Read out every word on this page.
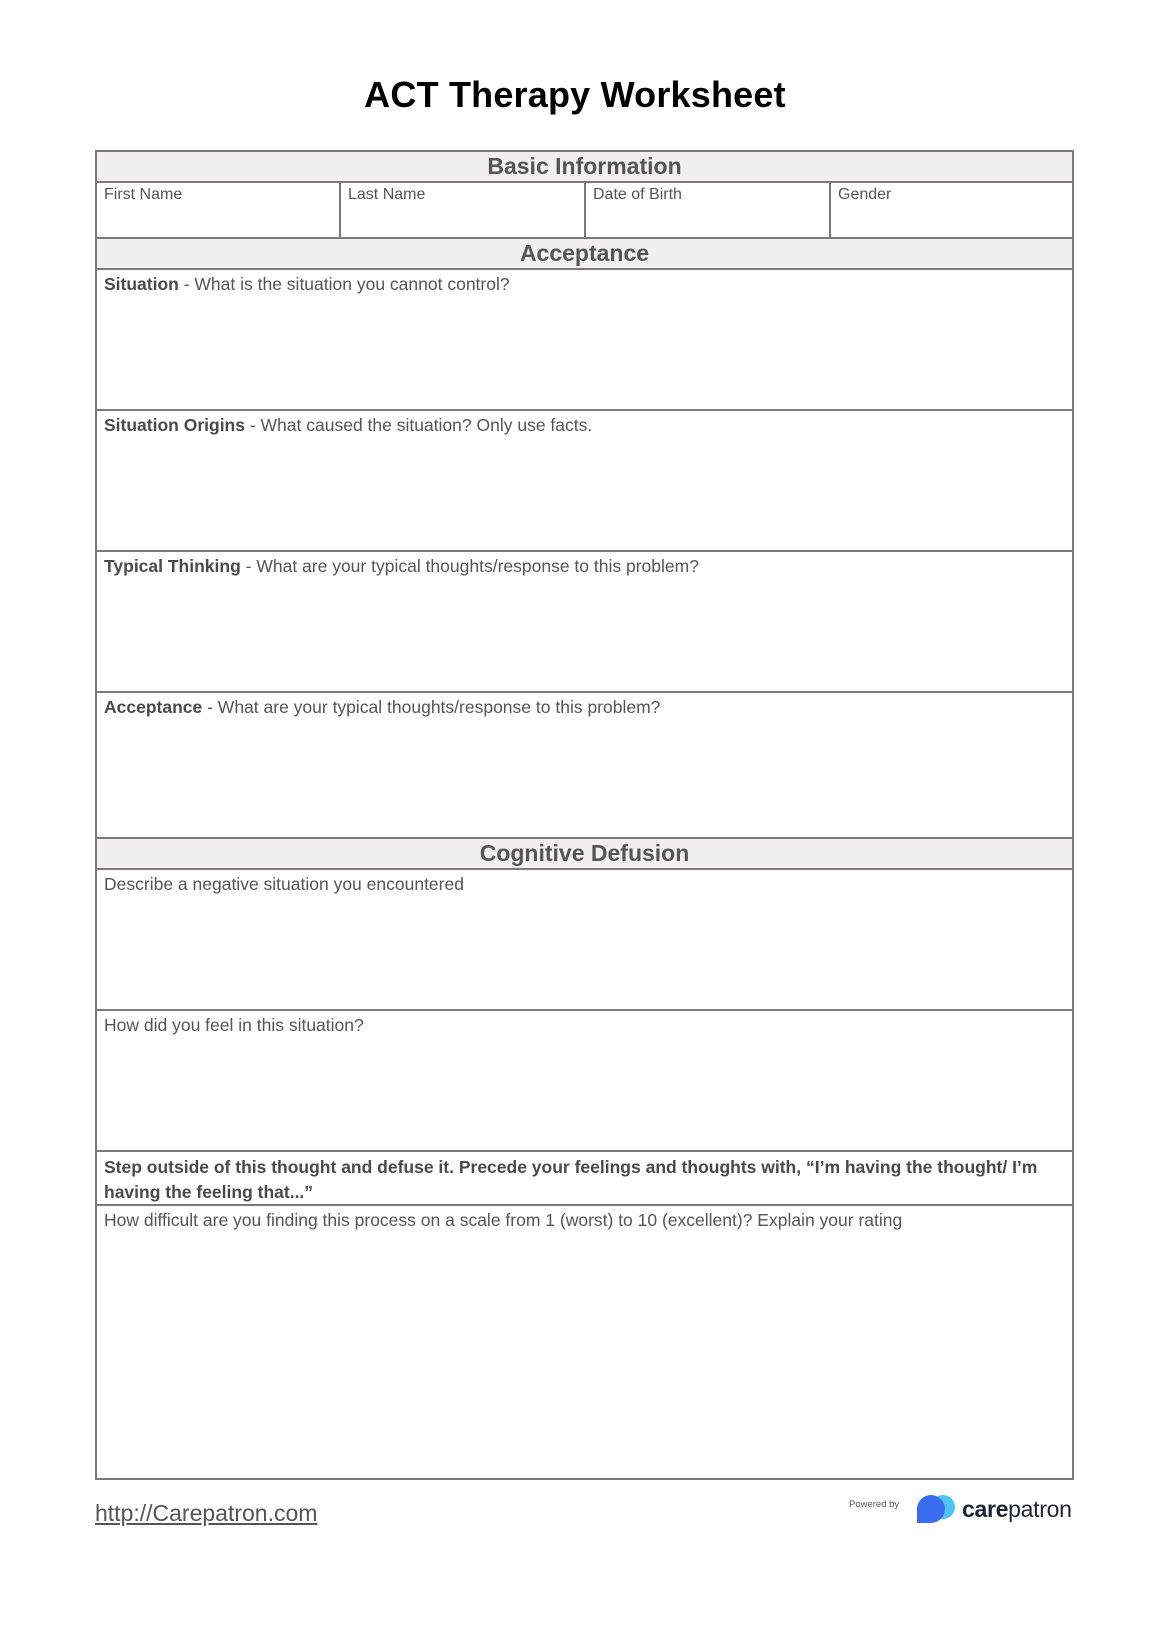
ACT Therapy Worksheet
Basic Information
First Name	Last Name	Date of Birth	Gender
Acceptance
Situation - What is the situation you cannot control?
Situation Origins - What caused the situation? Only use facts.
Typical Thinking - What are your typical thoughts/response to this problem?
Acceptance - What are your typical thoughts/response to this problem?
Cognitive Defusion
Describe a negative situation you encountered
How did you feel in this situation?
Step outside of this thought and defuse it. Precede your feelings and thoughts with, “I’m having the thought/ I’m having the feeling that...”
How difficult are you finding this process on a scale from 1 (worst) to 10 (excellent)? Explain your rating
http://Carepatron.com	Powered by	carepatron
